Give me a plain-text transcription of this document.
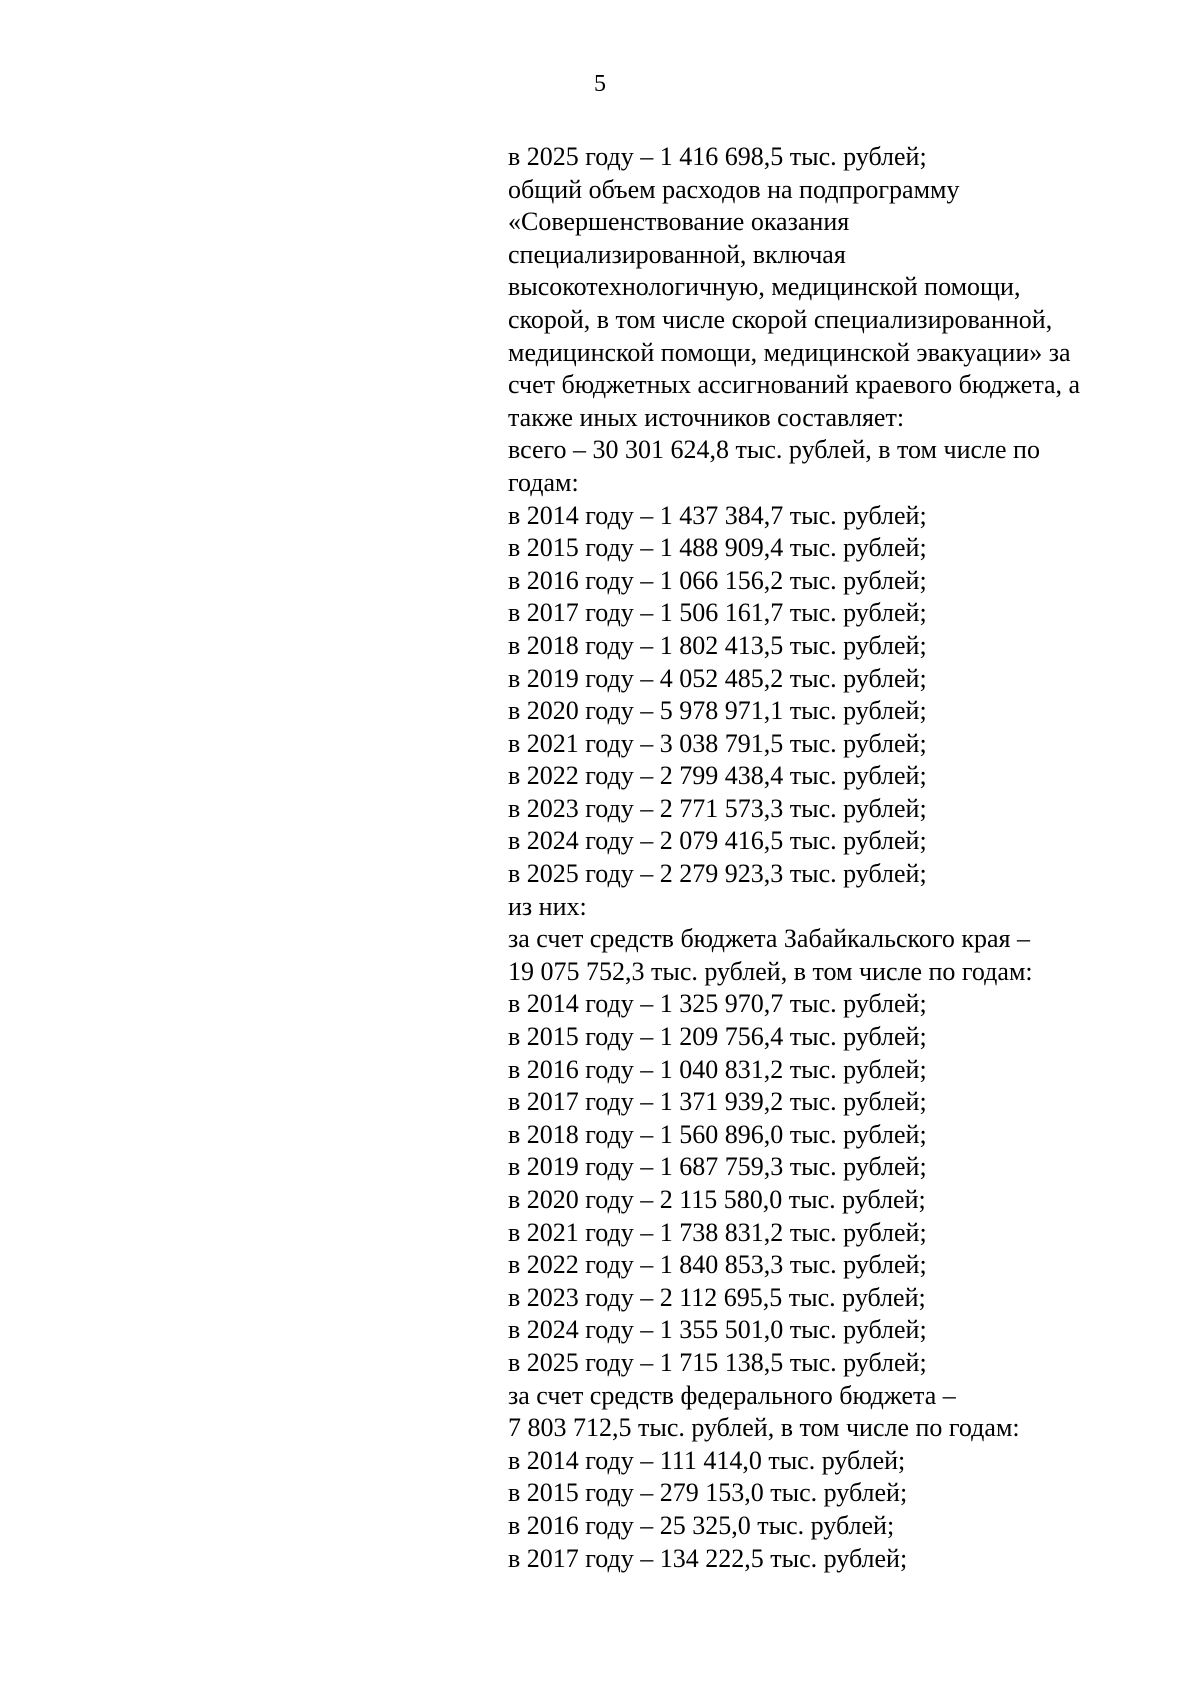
5
в 2025 году – 1 416 698,5 тыс. рублей;
общий объем расходов на подпрограмму
«Совершенствование оказания
специализированной, включая
высокотехнологичную, медицинской помощи,
скорой, в том числе скорой специализированной,
медицинской помощи, медицинской эвакуации» за
счет бюджетных ассигнований краевого бюджета, а
также иных источников составляет:
всего – 30 301 624,8 тыс. рублей, в том числе по
годам:
в 2014 году – 1 437 384,7 тыс. рублей;
в 2015 году – 1 488 909,4 тыс. рублей;
в 2016 году – 1 066 156,2 тыс. рублей;
в 2017 году – 1 506 161,7 тыс. рублей;
в 2018 году – 1 802 413,5 тыс. рублей;
в 2019 году – 4 052 485,2 тыс. рублей;
в 2020 году – 5 978 971,1 тыс. рублей;
в 2021 году – 3 038 791,5 тыс. рублей;
в 2022 году – 2 799 438,4 тыс. рублей;
в 2023 году – 2 771 573,3 тыс. рублей;
в 2024 году – 2 079 416,5 тыс. рублей;
в 2025 году – 2 279 923,3 тыс. рублей;
из них:
за счет средств бюджета Забайкальского края –
19 075 752,3 тыс. рублей, в том числе по годам:
в 2014 году – 1 325 970,7 тыс. рублей;
в 2015 году – 1 209 756,4 тыс. рублей;
в 2016 году – 1 040 831,2 тыс. рублей;
в 2017 году – 1 371 939,2 тыс. рублей;
в 2018 году – 1 560 896,0 тыс. рублей;
в 2019 году – 1 687 759,3 тыс. рублей;
в 2020 году – 2 115 580,0 тыс. рублей;
в 2021 году – 1 738 831,2 тыс. рублей;
в 2022 году – 1 840 853,3 тыс. рублей;
в 2023 году – 2 112 695,5 тыс. рублей;
в 2024 году – 1 355 501,0 тыс. рублей;
в 2025 году – 1 715 138,5 тыс. рублей;
за счет средств федерального бюджета –
7 803 712,5 тыс. рублей, в том числе по годам:
в 2014 году – 111 414,0 тыс. рублей;
в 2015 году – 279 153,0 тыс. рублей;
в 2016 году – 25 325,0 тыс. рублей;
в 2017 году – 134 222,5 тыс. рублей;
